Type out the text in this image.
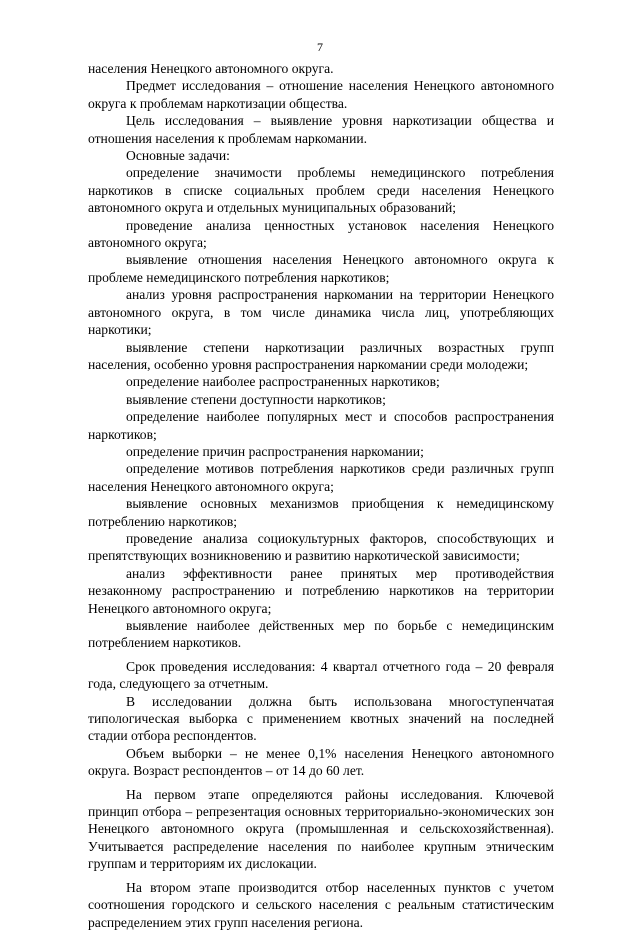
7

населения Ненецкого автономного округа.

Предмет исследования – отношение населения Ненецкого автономного округа к проблемам наркотизации общества.

Цель исследования – выявление уровня наркотизации общества и отношения населения к проблемам наркомании.

Основные задачи:

определение значимости проблемы немедицинского потребления наркотиков в списке социальных проблем среди населения Ненецкого автономного округа и отдельных муниципальных образований;

проведение анализа ценностных установок населения Ненецкого автономного округа;

выявление отношения населения Ненецкого автономного округа к проблеме немедицинского потребления наркотиков;

анализ уровня распространения наркомании на территории Ненецкого автономного округа, в том числе динамика числа лиц, употребляющих наркотики;

выявление степени наркотизации различных возрастных групп населения, особенно уровня распространения наркомании среди молодежи;

определение наиболее распространенных наркотиков;

выявление степени доступности наркотиков;

определение наиболее популярных мест и способов распространения наркотиков;

определение причин распространения наркомании;

определение мотивов потребления наркотиков среди различных групп населения Ненецкого автономного округа;

выявление основных механизмов приобщения к немедицинскому потреблению наркотиков;

проведение анализа социокультурных факторов, способствующих и препятствующих возникновению и развитию наркотической зависимости;

анализ эффективности ранее принятых мер противодействия незаконному распространению и потреблению наркотиков на территории Ненецкого автономного округа;

выявление наиболее действенных мер по борьбе с немедицинским потреблением наркотиков.

Срок проведения исследования: 4 квартал отчетного года – 20 февраля года, следующего за отчетным.

В исследовании должна быть использована многоступенчатая типологическая выборка с применением квотных значений на последней стадии отбора респондентов.

Объем выборки – не менее 0,1% населения Ненецкого автономного округа. Возраст респондентов – от 14 до 60 лет.

На первом этапе определяются районы исследования. Ключевой принцип отбора – репрезентация основных территориально-экономических зон Ненецкого автономного округа (промышленная и сельскохозяйственная). Учитывается распределение населения по наиболее крупным этническим группам и территориям их дислокации.

На втором этапе производится отбор населенных пунктов с учетом соотношения городского и сельского населения с реальным статистическим распределением этих групп населения региона.
